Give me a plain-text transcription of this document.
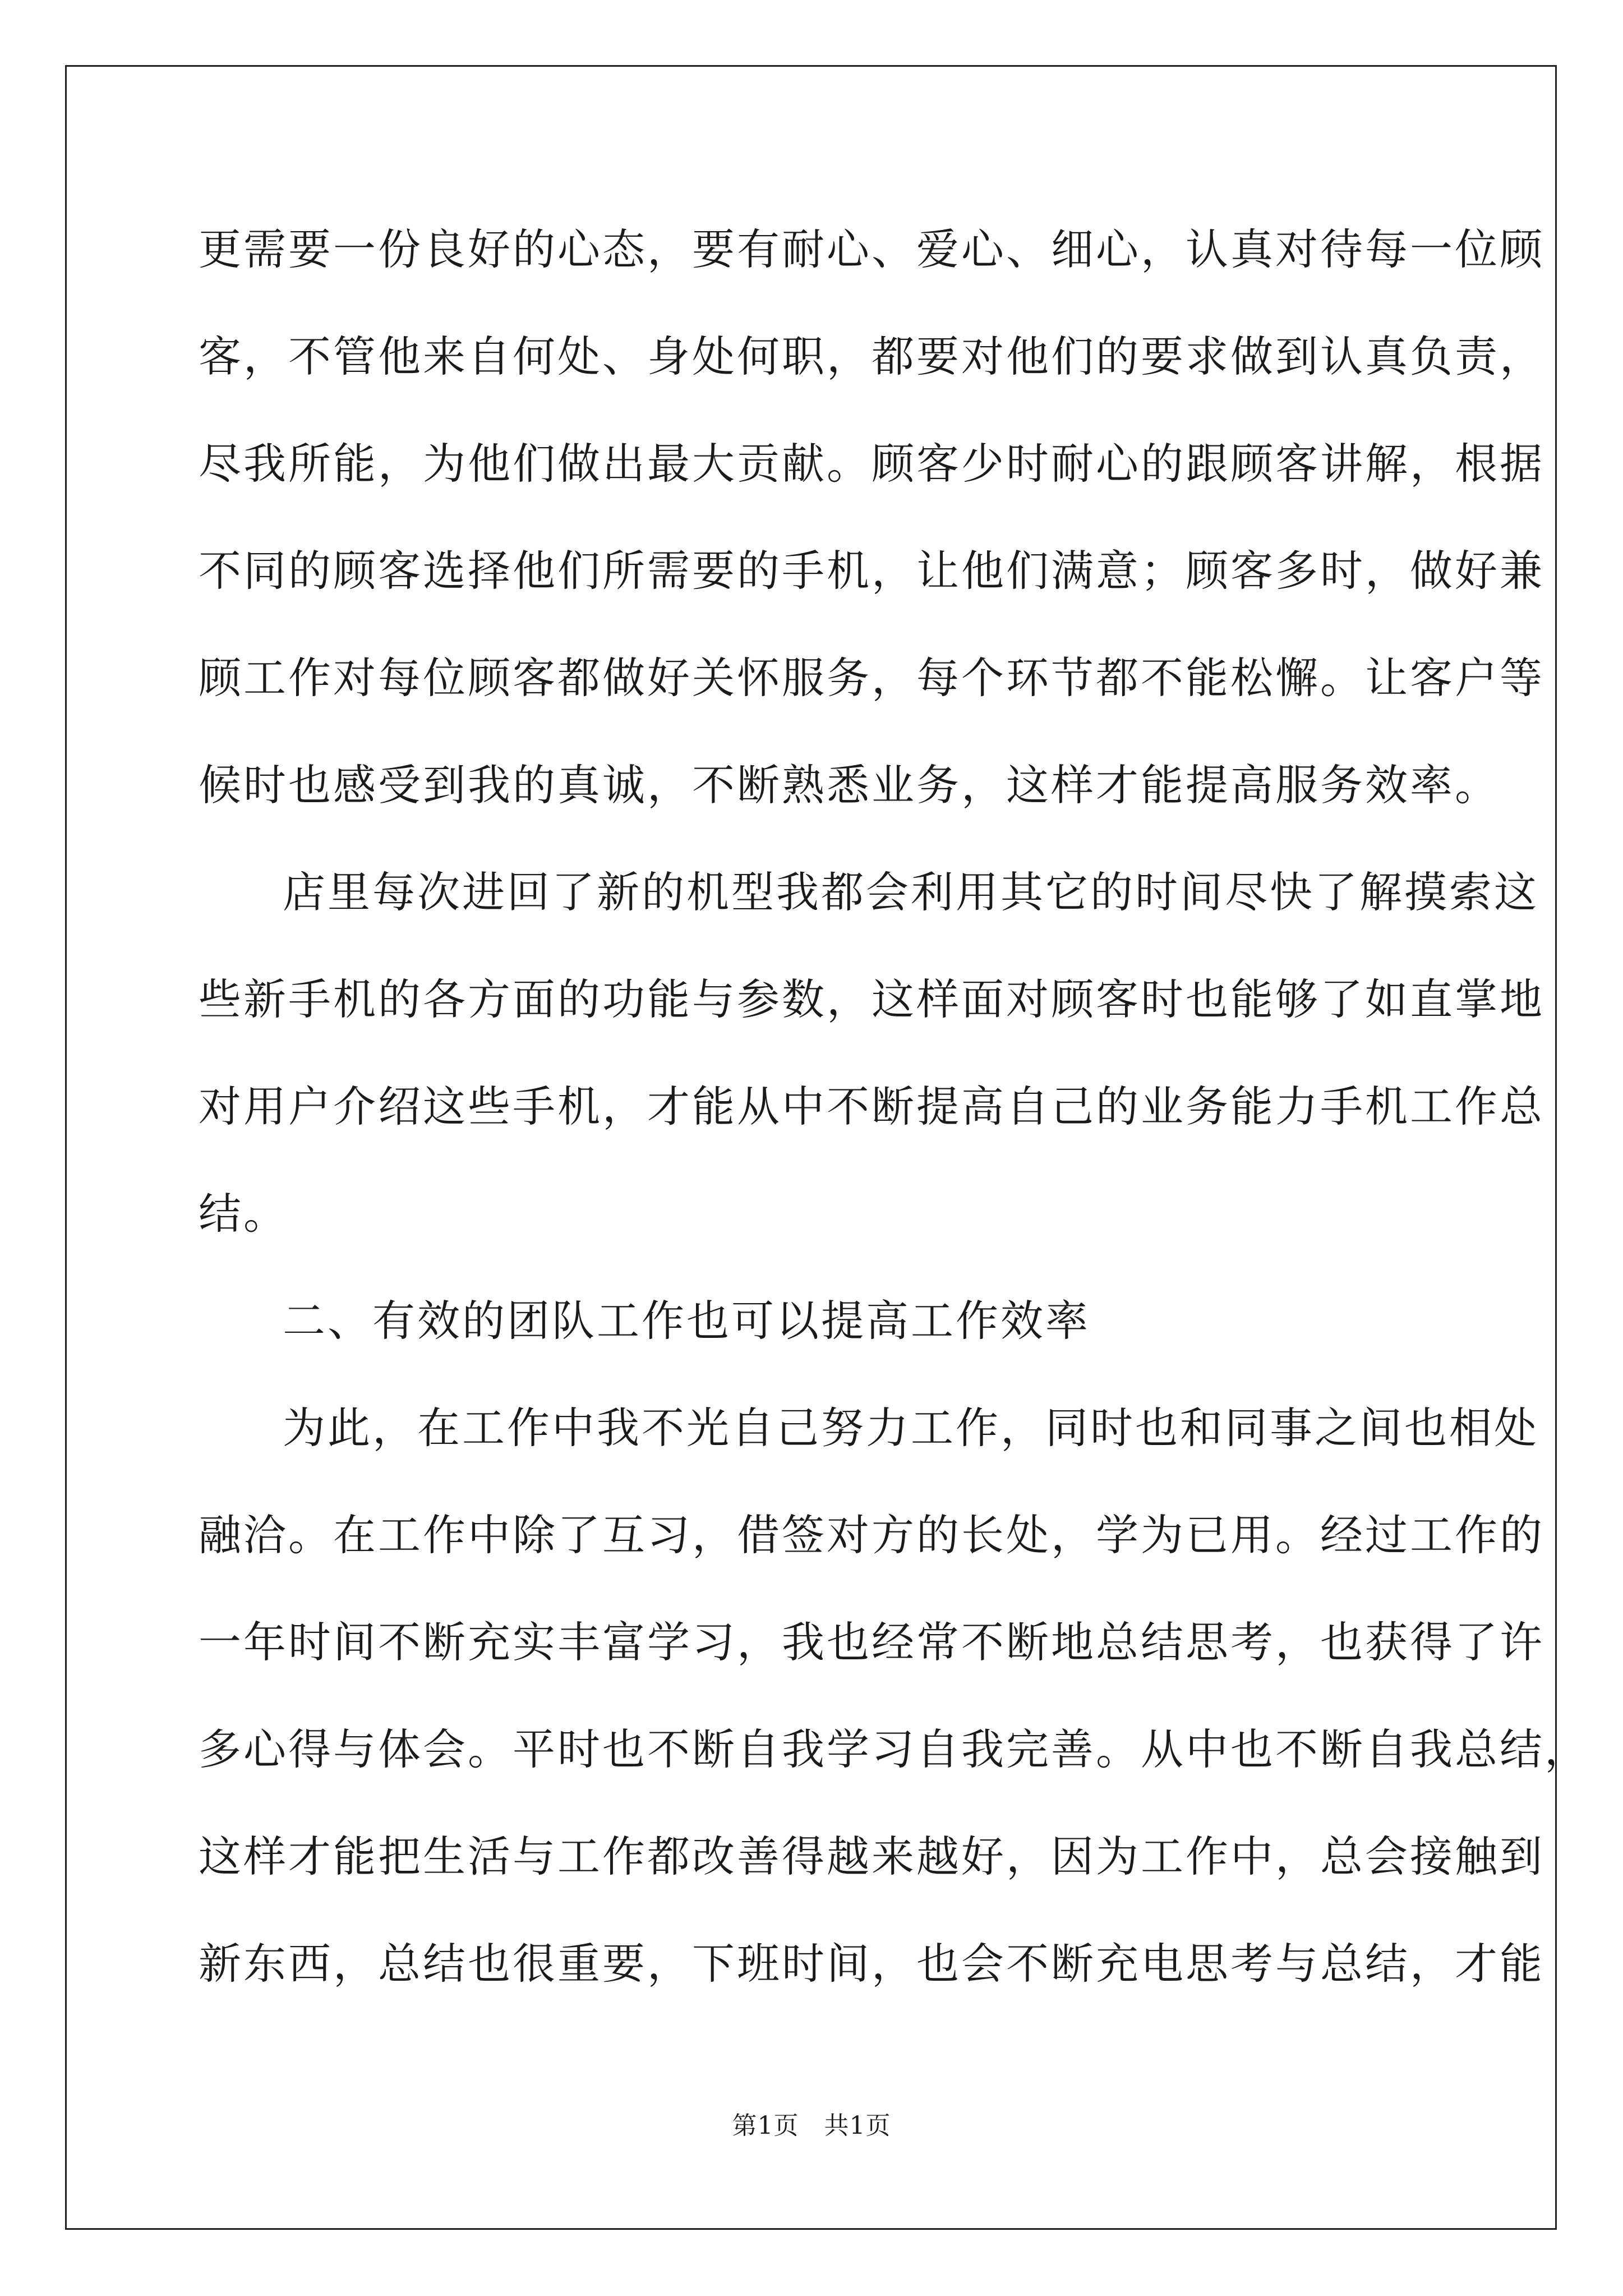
更需要一份良好的心态，要有耐心、爱心、细心，认真对待每一位顾
客，不管他来自何处、身处何职，都要对他们的要求做到认真负责，
尽我所能，为他们做出最大贡献。顾客少时耐心的跟顾客讲解，根据
不同的顾客选择他们所需要的手机，让他们满意；顾客多时，做好兼
顾工作对每位顾客都做好关怀服务，每个环节都不能松懈。让客户等
候时也感受到我的真诚，不断熟悉业务，这样才能提高服务效率。
店里每次进回了新的机型我都会利用其它的时间尽快了解摸索这
些新手机的各方面的功能与参数，这样面对顾客时也能够了如直掌地
对用户介绍这些手机，才能从中不断提高自己的业务能力手机工作总
结。
二、有效的团队工作也可以提高工作效率
为此，在工作中我不光自己努力工作，同时也和同事之间也相处
融洽。在工作中除了互习，借签对方的长处，学为已用。经过工作的
一年时间不断充实丰富学习，我也经常不断地总结思考，也获得了许
多心得与体会。平时也不断自我学习自我完善。从中也不断自我总结，
这样才能把生活与工作都改善得越来越好，因为工作中，总会接触到
新东西，总结也很重要，下班时间，也会不断充电思考与总结，才能
第1页　共1页
